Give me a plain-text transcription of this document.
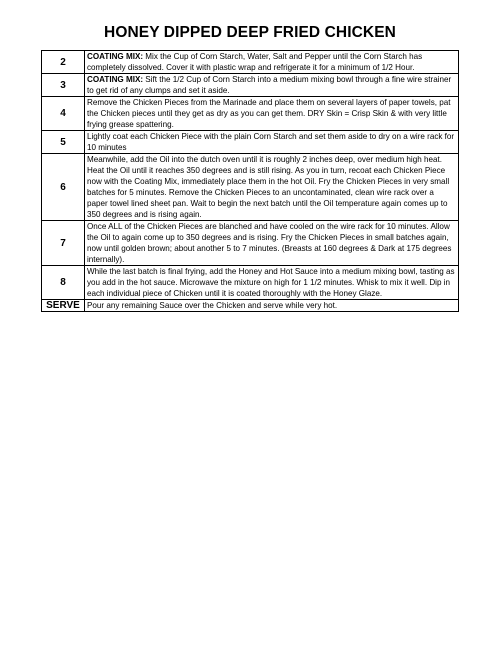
HONEY DIPPED DEEP FRIED CHICKEN
2	COATING MIX: Mix the Cup of Corn Starch, Water, Salt and Pepper until the Corn Starch has completely dissolved. Cover it with plastic wrap and refrigerate it for a minimum of 1/2 Hour.
3	COATING MIX: Sift the 1/2 Cup of Corn Starch into a medium mixing bowl through a fine wire strainer to get rid of any clumps and set it aside.
4	Remove the Chicken Pieces from the Marinade and place them on several layers of paper towels, pat the Chicken pieces until they get as dry as you can get them. DRY Skin = Crisp Skin & with very little frying grease spattering.
5	Lightly coat each Chicken Piece with the plain Corn Starch and set them aside to dry on a wire rack for 10 minutes
6	Meanwhile, add the Oil into the dutch oven until it is roughly 2 inches deep, over medium high heat. Heat the Oil until it reaches 350 degrees and is still rising. As you in turn, recoat each Chicken Piece now with the Coating Mix, immediately place them in the hot Oil. Fry the Chicken Pieces in very small batches for 5 minutes. Remove the Chicken Pieces to an uncontaminated, clean wire rack over a paper towel lined sheet pan. Wait to begin the next batch until the Oil temperature again comes up to 350 degrees and is rising again.
7	Once ALL of the Chicken Pieces are blanched and have cooled on the wire rack for 10 minutes. Allow the Oil to again come up to 350 degrees and is rising. Fry the Chicken Pieces in small batches again, now until golden brown; about another 5 to 7 minutes. (Breasts at 160 degrees & Dark at 175 degrees internally).
8	While the last batch is final frying, add the Honey and Hot Sauce into a medium mixing bowl, tasting as you add in the hot sauce. Microwave the mixture on high for 1 1/2 minutes. Whisk to mix it well. Dip in each individual piece of Chicken until it is coated thoroughly with the Honey Glaze.
SERVE	Pour any remaining Sauce over the Chicken and serve while very hot.
